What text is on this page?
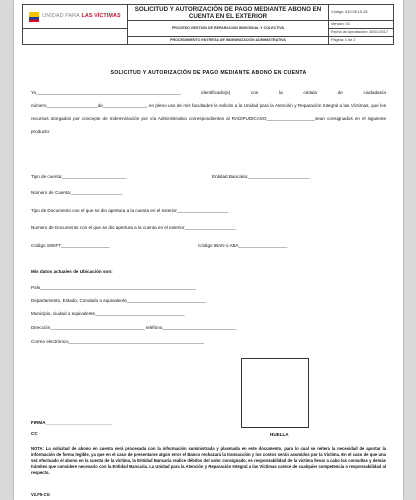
UNIDAD PARA LAS VÍCTIMAS	SOLICITUD Y AUTORIZACIÓN DE PAGO MEDIANTE ABONO EN CUENTA EN EL EXTERIOR	Código: 410.08.15-28
	PROCESO GESTION DE REPARACION INDIVIDUAL Y COLECTIVA	Versión: 01
		Fecha de Aprobación: 30/01/2017
	PROCEDIMIENTO ENTREGA DE INDEMNIZACIÓN ADMINISTRATIVA	Página: 1 de 2
SOLICITUD Y AUTORIZACIÓN DE PAGO MEDIANTE ABONO EN CUENTA
Yo,________________________________________________________ identificado(a) con la cédula de ciudadanía número____________________de_________________, en pleno uso de mis facultades le solicito a la Unidad para la Atención y Reparación Integral a las Víctimas, que los recursos otorgados por concepto de Indemnización por vía Administrativa correspondientes al RADIFUDICASO___________________sean consignados en el siguiente producto:
Tipo de cuenta:_________________________	Entidad Bancaria:________________________
Número de Cuenta:____________________
Tipo de Documento con el que se dio apertura a la cuenta en el exterior____________________
Numero de Documento con el que se dio apertura a la cuenta en el exterior____________________
Código SWIFT___________________	Código IBAN o ABA___________________
Mis datos actuales de Ubicación son:
País_____________________________________________________________
Departamento, Estado, Condado o equivalente_______________________________
Municipio, ciudad o equivalente___________________________________
Dirección_____________________________________ teléfono_____________________________
Correo electrónico_____________________________________________________
FIRMA__________________________
CC	HUELLA
NOTA: La solicitud de abono en cuenta será procesada con la información suministrada y plasmada en este documento, para lo cual se reitera la necesidad de aportar la información de forma legible, ya que en el caso de presentarse algún error el Banco rechazará la transacción y los costos serán asumidos por la Víctima. En el caso de que una vez efectuado el abono en la cuenta de la víctima, la Entidad Bancaria realice débitos del valor consignado, es responsabilidad de la víctima llevar a cabo las consultas y demás trámites que considere necesario con la Entidad Bancaria. La Unidad para la Atención y Reparación Integral a las Víctimas carece de cualquier competencia o responsabilidad al respecto.
V2.F5-CG
